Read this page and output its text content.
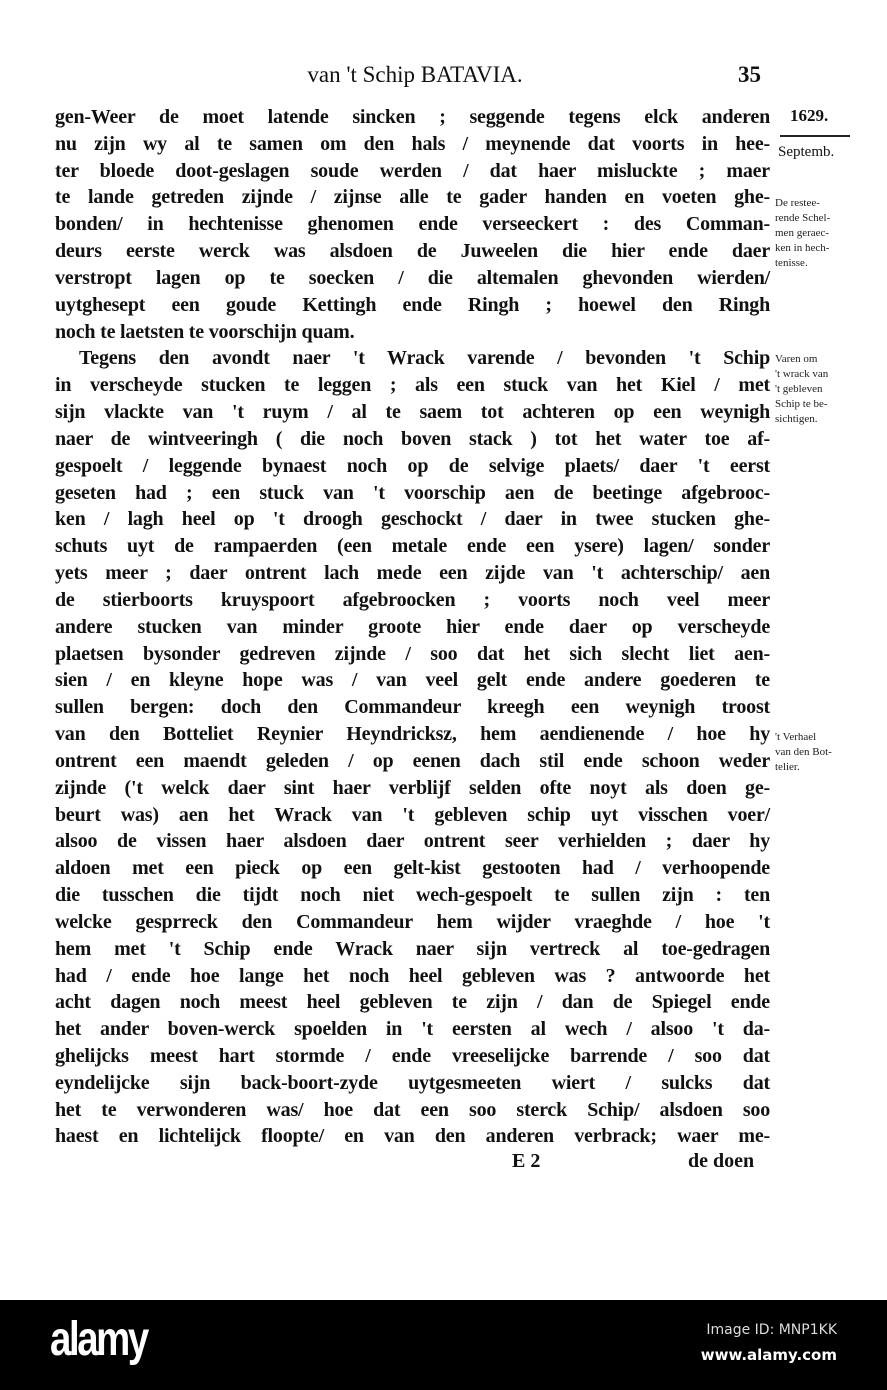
van 't Schip BATAVIA.	35
gen-Weer de moet latende sincken ; seggende tegens elck anderen
nu zijn wy al te samen om den hals / meynende dat voorts in hee-
ter bloede doot-geslagen soude werden / dat haer misluckte ; maer
te lande getreden zijnde / zijnse alle te gader handen en voeten ghe-
bonden/ in hechtenisse ghenomen ende verseeckert : des Comman-
deurs eerste werck was alsdoen de Juweelen die hier ende daer
verstropt lagen op te soecken / die altemalen ghevonden wierden/
uytghesept een goude Kettingh ende Ringh ; hoewel den Ringh
noch te laetsten te voorschijn quam.
Tegens den avondt naer 't Wrack varende / bevonden 't Schip
in verscheyde stucken te leggen ; als een stuck van het Kiel / met
sijn vlackte van 't ruym / al te saem tot achteren op een weynigh
naer de wintveeringh ( die noch boven stack ) tot het water toe af-
gespoelt / leggende bynaest noch op de selvige plaets/ daer 't eerst
geseten had ; een stuck van 't voorschip aen de beetinge afgebrooc-
ken / lagh heel op 't droogh geschockt / daer in twee stucken ghe-
schuts uyt de rampaerden (een metale ende een ysere) lagen/ sonder
yets meer ; daer ontrent lach mede een zijde van 't achterschip/ aen
de stierboorts kruyspoort afgebroocken ; voorts noch veel meer
andere stucken van minder groote hier ende daer op verscheyde
plaetsen bysonder gedreven zijnde / soo dat het sich slecht liet aen-
sien / en kleyne hope was / van veel gelt ende andere goederen te
sullen bergen: doch den Commandeur kreegh een weynigh troost
van den Botteliet Reynier Heyndricksz, hem aendienende / hoe hy
ontrent een maendt geleden / op eenen dach stil ende schoon weder
zijnde ('t welck daer sint haer verblijf selden ofte noyt als doen ge-
beurt was) aen het Wrack van 't gebleven schip uyt visschen voer/
alsoo de vissen haer alsdoen daer ontrent seer verhielden ; daer hy
aldoen met een pieck op een gelt-kist gestooten had / verhoopende
die tusschen die tijdt noch niet wech-gespoelt te sullen zijn : ten
welcke gesprreck den Commandeur hem wijder vraeghde / hoe 't
hem met 't Schip ende Wrack naer sijn vertreck al toe-gedragen
had / ende hoe lange het noch heel gebleven was ? antwoorde het
acht dagen noch meest heel gebleven te zijn / dan de Spiegel ende
het ander boven-werck spoelden in 't eersten al wech / alsoo 't da-
ghelijcks meest hart stormde / ende vreeselijcke barrende / soo dat
eyndelijcke sijn back-boort-zyde uytgesmeeten wiert / sulcks dat
het te verwonderen was/ hoe dat een soo sterck Schip/ alsdoen soo
haest en lichtelijck floopte/ en van den anderen verbrack; waer me-
1629.
Septemb.
De restee-
rende Schel-
men geraec-
ken in hech-
tenisse.
Varen om
't wrack van
't gebleven
Schip te be-
sichtigen.
't Verhael
van den Bot-
telier.
E 2	de doen
alamy	Image ID: MNP1KK
www.alamy.com
